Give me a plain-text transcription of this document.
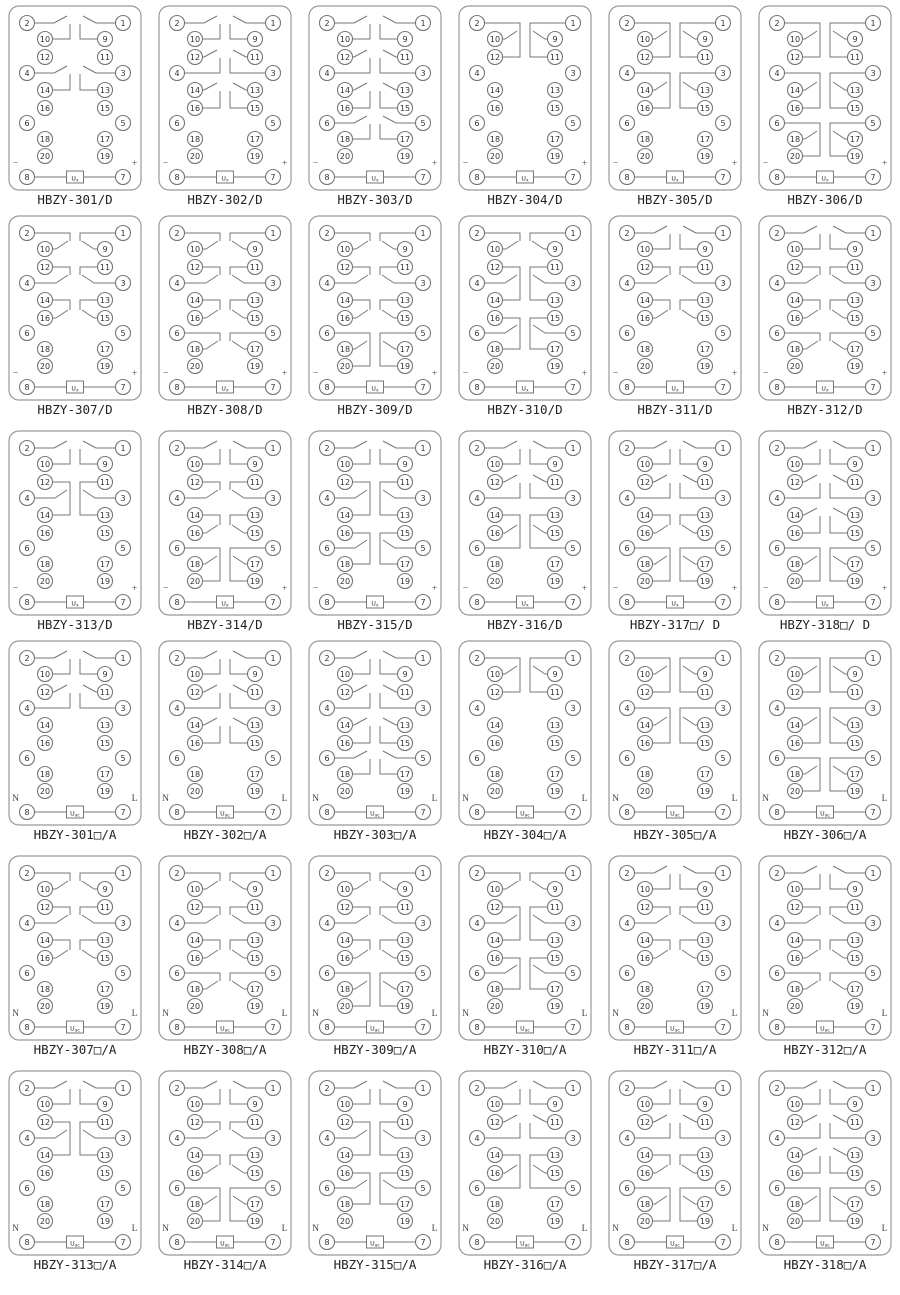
Ux
−	+
2
10
12
4
14
16
6
18
20
8
1
9
11
3
13
15
5
17
19
7
HBZY-301/D
Ux
−	+
2
10
12
4
14
16
6
18
20
8
1
9
11
3
13
15
5
17
19
7
HBZY-302/D
Ux
−	+
2
10
12
4
14
16
6
18
20
8
1
9
11
3
13
15
5
17
19
7
HBZY-303/D
Ux
−	+
2
10
12
4
14
16
6
18
20
8
1
9
11
3
13
15
5
17
19
7
HBZY-304/D
Ux
−	+
2
10
12
4
14
16
6
18
20
8
1
9
11
3
13
15
5
17
19
7
HBZY-305/D
Ux
−	+
2
10
12
4
14
16
6
18
20
8
1
9
11
3
13
15
5
17
19
7
HBZY-306/D
Ux
−	+
2
10
12
4
14
16
6
18
20
8
1
9
11
3
13
15
5
17
19
7
HBZY-307/D
Ux
−	+
2
10
12
4
14
16
6
18
20
8
1
9
11
3
13
15
5
17
19
7
HBZY-308/D
Ux
−	+
2
10
12
4
14
16
6
18
20
8
1
9
11
3
13
15
5
17
19
7
HBZY-309/D
Ux
−	+
2
10
12
4
14
16
6
18
20
8
1
9
11
3
13
15
5
17
19
7
HBZY-310/D
Ux
−	+
2
10
12
4
14
16
6
18
20
8
1
9
11
3
13
15
5
17
19
7
HBZY-311/D
Ux
−	+
2
10
12
4
14
16
6
18
20
8
1
9
11
3
13
15
5
17
19
7
HBZY-312/D
Ux
−	+
2
10
12
4
14
16
6
18
20
8
1
9
11
3
13
15
5
17
19
7
HBZY-313/D
Ux
−	+
2
10
12
4
14
16
6
18
20
8
1
9
11
3
13
15
5
17
19
7
HBZY-314/D
Ux
−	+
2
10
12
4
14
16
6
18
20
8
1
9
11
3
13
15
5
17
19
7
HBZY-315/D
Ux
−	+
2
10
12
4
14
16
6
18
20
8
1
9
11
3
13
15
5
17
19
7
HBZY-316/D
Ux
−	+
2
10
12
4
14
16
6
18
20
8
1
9
11
3
13
15
5
17
19
7
HBZY-317□/ D
Ux
−	+
2
10
12
4
14
16
6
18
20
8
1
9
11
3
13
15
5
17
19
7
HBZY-318□/ D
Uac
N	L
2
10
12
4
14
16
6
18
20
8
1
9
11
3
13
15
5
17
19
7
HBZY-301□/A
Uac
N	L
2
10
12
4
14
16
6
18
20
8
1
9
11
3
13
15
5
17
19
7
HBZY-302□/A
Uac
N	L
2
10
12
4
14
16
6
18
20
8
1
9
11
3
13
15
5
17
19
7
HBZY-303□/A
Uac
N	L
2
10
12
4
14
16
6
18
20
8
1
9
11
3
13
15
5
17
19
7
HBZY-304□/A
Uac
N	L
2
10
12
4
14
16
6
18
20
8
1
9
11
3
13
15
5
17
19
7
HBZY-305□/A
Uac
N	L
2
10
12
4
14
16
6
18
20
8
1
9
11
3
13
15
5
17
19
7
HBZY-306□/A
Uac
N	L
2
10
12
4
14
16
6
18
20
8
1
9
11
3
13
15
5
17
19
7
HBZY-307□/A
Uac
N	L
2
10
12
4
14
16
6
18
20
8
1
9
11
3
13
15
5
17
19
7
HBZY-308□/A
Uac
N	L
2
10
12
4
14
16
6
18
20
8
1
9
11
3
13
15
5
17
19
7
HBZY-309□/A
Uac
N	L
2
10
12
4
14
16
6
18
20
8
1
9
11
3
13
15
5
17
19
7
HBZY-310□/A
Uac
N	L
2
10
12
4
14
16
6
18
20
8
1
9
11
3
13
15
5
17
19
7
HBZY-311□/A
Uac
N	L
2
10
12
4
14
16
6
18
20
8
1
9
11
3
13
15
5
17
19
7
HBZY-312□/A
Uac
N	L
2
10
12
4
14
16
6
18
20
8
1
9
11
3
13
15
5
17
19
7
HBZY-313□/A
Uac
N	L
2
10
12
4
14
16
6
18
20
8
1
9
11
3
13
15
5
17
19
7
HBZY-314□/A
Uac
N	L
2
10
12
4
14
16
6
18
20
8
1
9
11
3
13
15
5
17
19
7
HBZY-315□/A
Uac
N	L
2
10
12
4
14
16
6
18
20
8
1
9
11
3
13
15
5
17
19
7
HBZY-316□/A
Uac
N	L
2
10
12
4
14
16
6
18
20
8
1
9
11
3
13
15
5
17
19
7
HBZY-317□/A
Uac
N	L
2
10
12
4
14
16
6
18
20
8
1
9
11
3
13
15
5
17
19
7
HBZY-318□/A
